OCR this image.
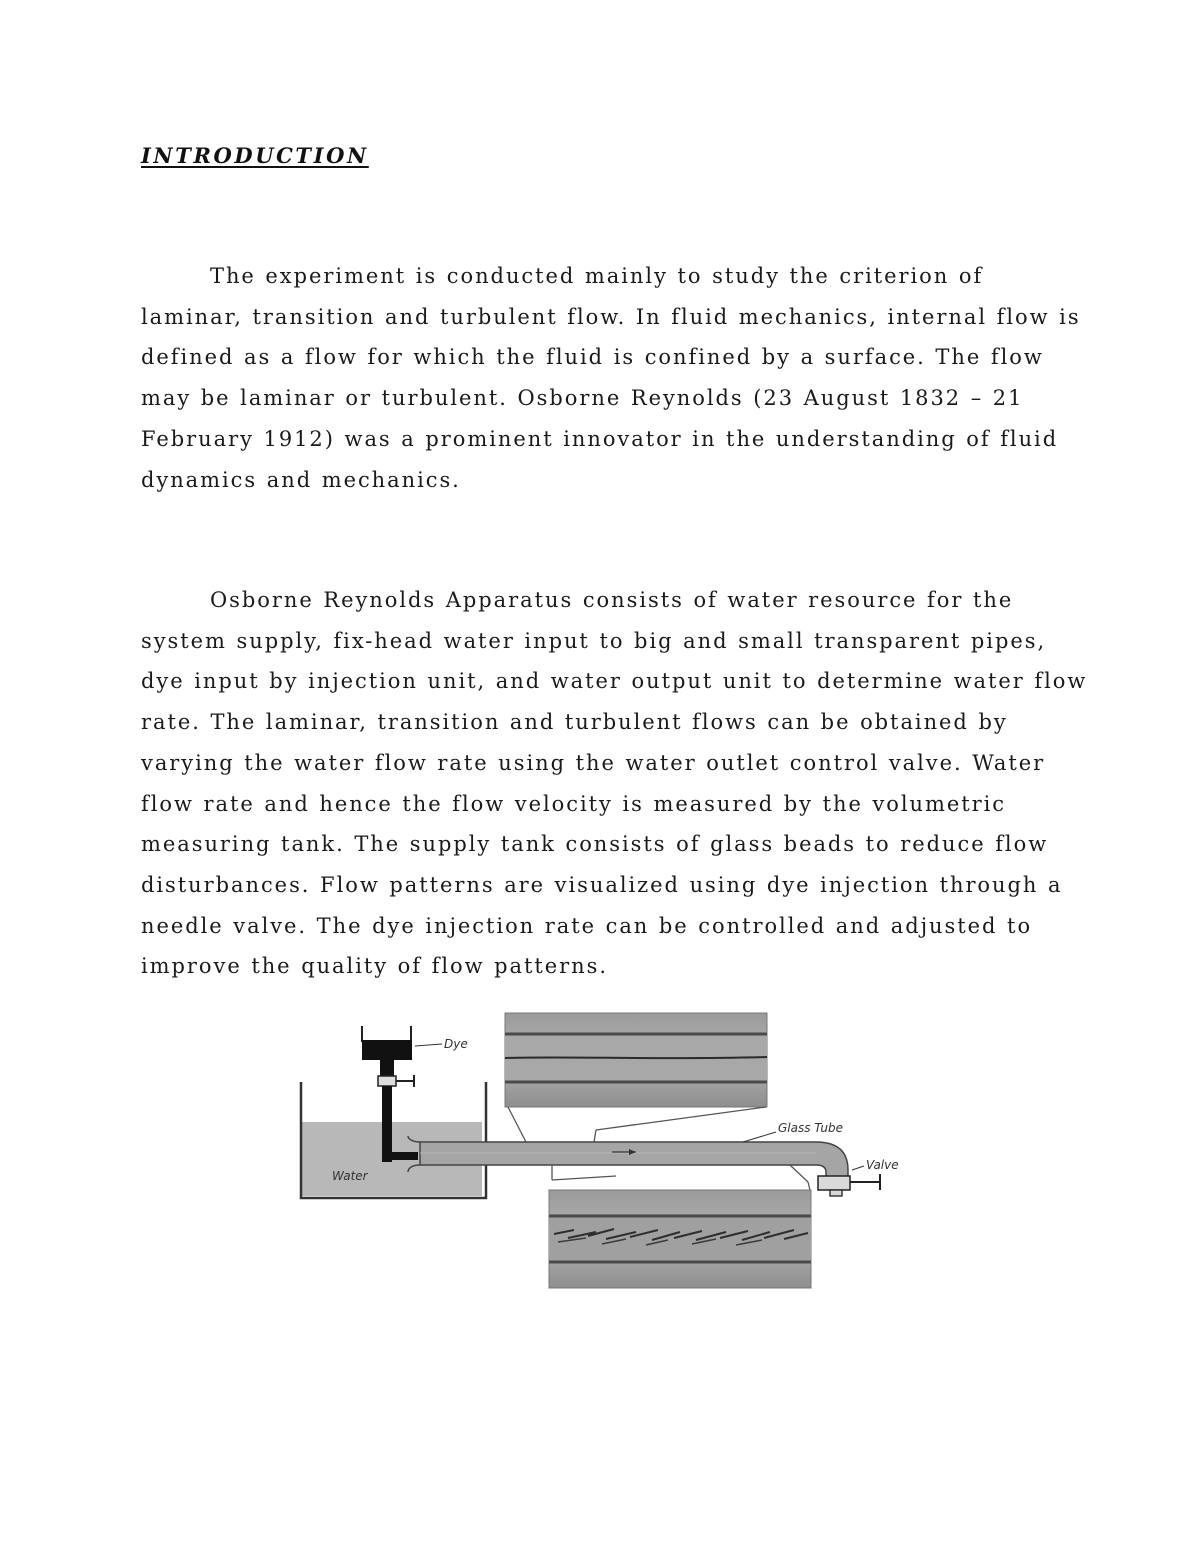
INTRODUCTION

The experiment is conducted mainly to study the criterion of
laminar, transition and turbulent flow. In fluid mechanics, internal flow is
defined as a flow for which the fluid is confined by a surface. The flow
may be laminar or turbulent. Osborne Reynolds (23 August 1832 – 21
February 1912) was a prominent innovator in the understanding of fluid
dynamics and mechanics.

Osborne Reynolds Apparatus consists of water resource for the
system supply, fix-head water input to big and small transparent pipes,
dye input by injection unit, and water output unit to determine water flow
rate. The laminar, transition and turbulent flows can be obtained by
varying the water flow rate using the water outlet control valve. Water
flow rate and hence the flow velocity is measured by the volumetric
measuring tank. The supply tank consists of glass beads to reduce flow
disturbances. Flow patterns are visualized using dye injection through a
needle valve. The dye injection rate can be controlled and adjusted to
improve the quality of flow patterns.

Water
Dye
Glass Tube
Valve
